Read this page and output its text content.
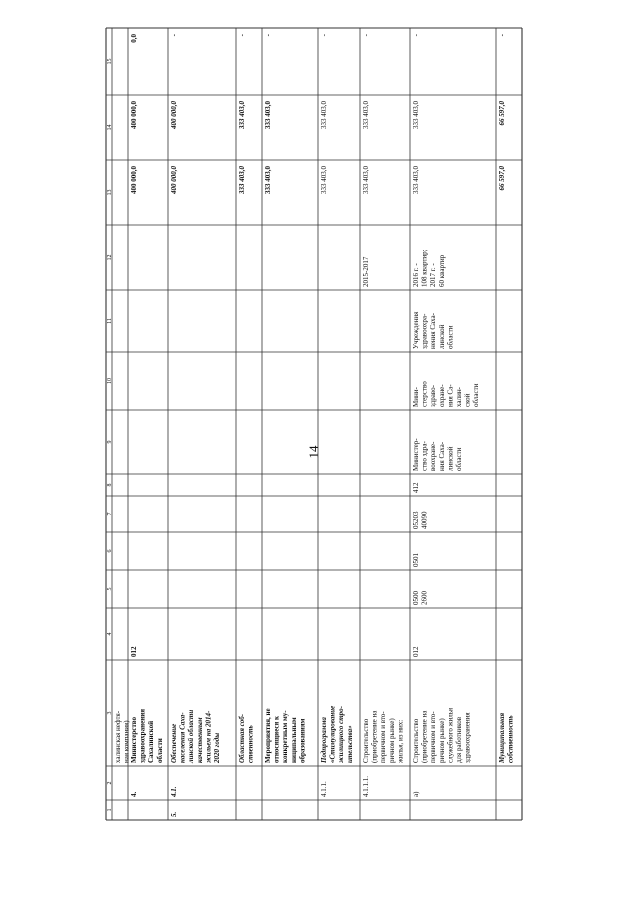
14
1
2
3
4
5
6
7
8
9
10
11
12
13
14
15
халинская нефтя-ная компания)
4.
МинистерствоздравоохраненияСахалинскойобласти
012
400 000,0
400 000,0
0,0
5.
4.1.
Обеспечениенаселения Саха-линской областикачественнымжильем на 2014-2020 годы
400 000,0
400 000,0
-
Областная соб-ственность
333 403,0
333 403,0
-
Мероприятия, неотносящиеся кконкретным му-ниципальнымобразованиям
333 403,0
333 403,0
-
4.1.1.
Подпрограмма«Стимулированиежилищного стро-ительства»
333 403,0
333 403,0
-
4.1.1.1.
Строительство(приобретение напервичном и вто-ричном рынке)жилья, из них:
2015-2017
333 403,0
333 403,0
-
а)
Строительство(приобретение напервичном и вто-ричном рынке)служебного жильядля работниковздравоохранения
012
05002600
0501
0520340090
412
Министер-ство здра-воохране-ния Саха-линскойобласти
Мини-стерствоздраво-охране-ния Са-халин-скойобласти
Учрежденияздравоохра-нения Саха-линскойобласти
2016 г. -108 квартир;2017 г. -60 квартир
333 403,0
333 403,0
-
Муниципальнаясобственность
66 597,0
66 597,0
-
